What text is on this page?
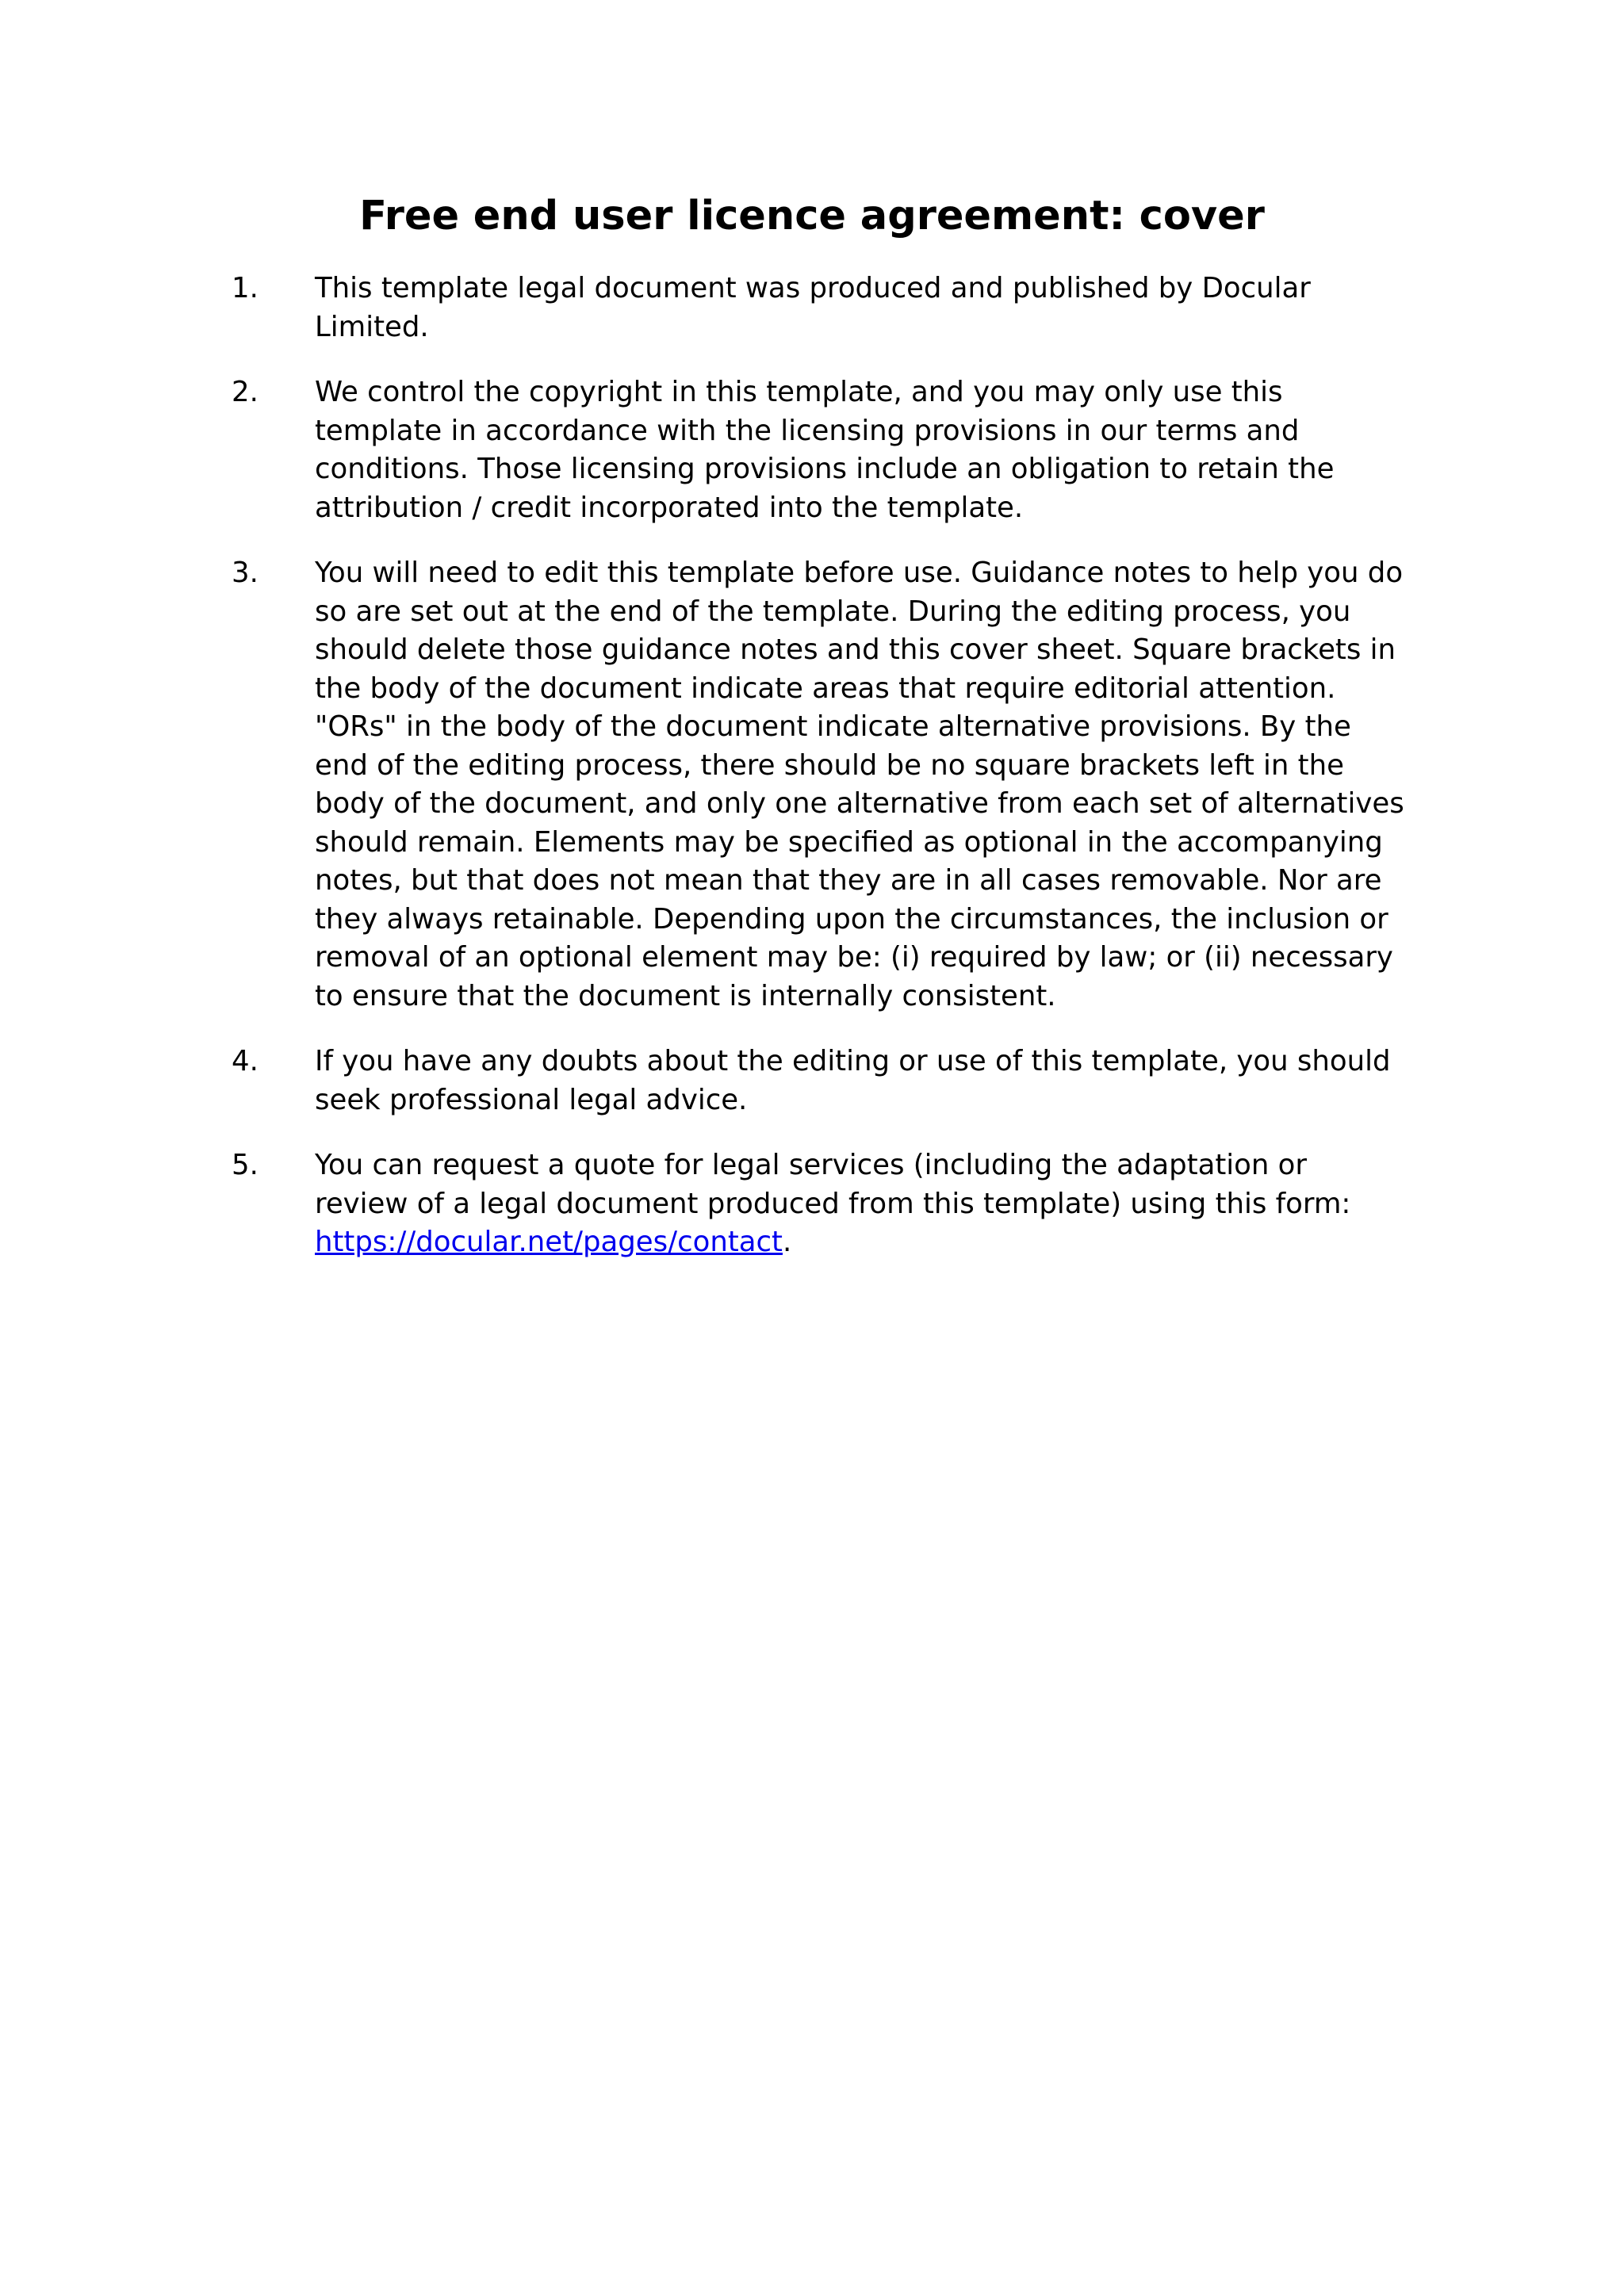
Free end user licence agreement: cover
1.	This template legal document was produced and published by Docular Limited.
2.	We control the copyright in this template, and you may only use this template in accordance with the licensing provisions in our terms and conditions. Those licensing provisions include an obligation to retain the attribution / credit incorporated into the template.
3.	You will need to edit this template before use. Guidance notes to help you do so are set out at the end of the template. During the editing process, you should delete those guidance notes and this cover sheet. Square brackets in the body of the document indicate areas that require editorial attention. "ORs" in the body of the document indicate alternative provisions. By the end of the editing process, there should be no square brackets left in the body of the document, and only one alternative from each set of alternatives should remain. Elements may be specified as optional in the accompanying notes, but that does not mean that they are in all cases removable. Nor are they always retainable. Depending upon the circumstances, the inclusion or removal of an optional element may be: (i) required by law; or (ii) necessary to ensure that the document is internally consistent.
4.	If you have any doubts about the editing or use of this template, you should seek professional legal advice.
5.	You can request a quote for legal services (including the adaptation or review of a legal document produced from this template) using this form:
https://docular.net/pages/contact.
